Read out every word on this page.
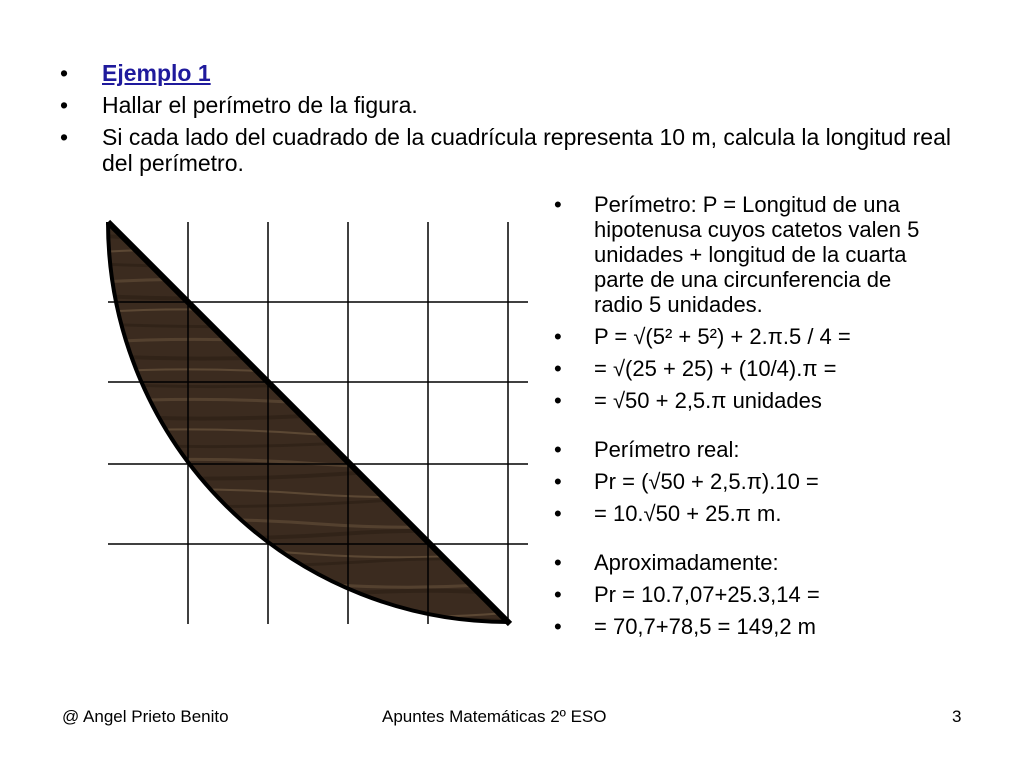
• Ejemplo 1
• Hallar el perímetro de la figura.
• Si cada lado del cuadrado de la cuadrícula representa 10 m, calcula la longitud real del perímetro.
• Perímetro: P = Longitud de una hipotenusa cuyos catetos valen 5 unidades + longitud de la cuarta parte de una circunferencia de radio 5 unidades.
• P = √(5² + 5²) + 2.π.5 / 4 =
• = √(25 + 25) + (10/4).π =
• = √50 + 2,5.π unidades
• Perímetro real:
• Pr = (√50 + 2,5.π).10 =
• = 10.√50 + 25.π m.
• Aproximadamente:
• Pr = 10.7,07+25.3,14 =
• = 70,7+78,5 = 149,2 m
@ Angel Prieto Benito	Apuntes Matemáticas 2º ESO	3
